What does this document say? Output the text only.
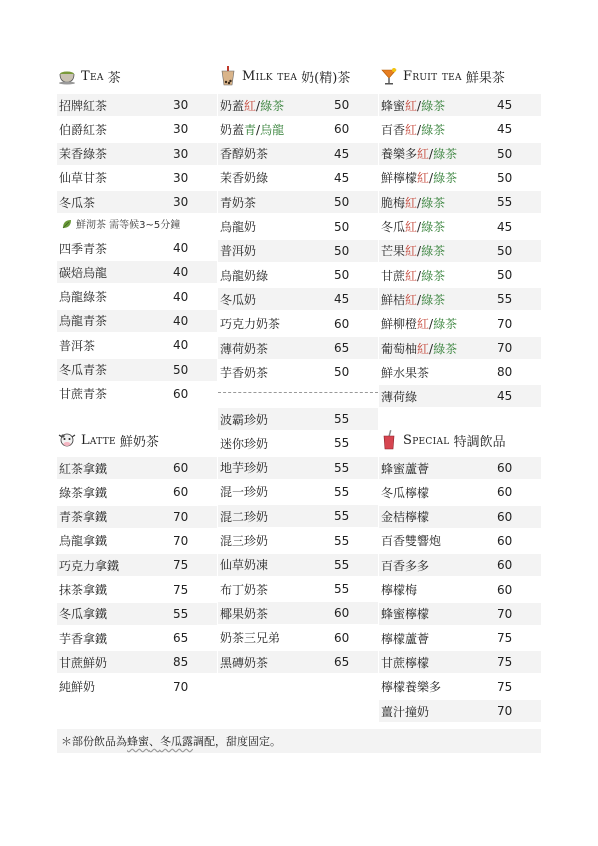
Tea 茶
鮮沏茶 需等候3~5分鐘
Latte 鮮奶茶
招牌紅茶	30
伯爵紅茶	30
茉香綠茶	30
仙草甘茶	30
冬瓜茶	30
四季青茶	40
碳焙烏龍	40
烏龍綠茶	40
烏龍青茶	40
普洱茶	40
冬瓜青茶	50
甘蔗青茶	60
紅茶拿鐵	60
綠茶拿鐵	60
青茶拿鐵	70
烏龍拿鐵	70
巧克力拿鐵	75
抹茶拿鐵	75
冬瓜拿鐵	55
芋香拿鐵	65
甘蔗鮮奶	85
純鮮奶	70
Milk tea 奶(精)茶
奶蓋紅/綠茶	50
奶蓋青/烏龍	60
香醇奶茶	45
茉香奶綠	45
青奶茶	50
烏龍奶	50
普洱奶	50
烏龍奶綠	50
冬瓜奶	45
巧克力奶茶	60
薄荷奶茶	65
芋香奶茶	50
波霸珍奶	55
迷你珍奶	55
地芋珍奶	55
混一珍奶	55
混二珍奶	55
混三珍奶	55
仙草奶凍	55
布丁奶茶	55
椰果奶茶	60
奶茶三兄弟	60
黑磚奶茶	65
Fruit tea 鮮果茶
Special 特調飲品
蜂蜜紅/綠茶	45
百香紅/綠茶	45
養樂多紅/綠茶	50
鮮檸檬紅/綠茶	50
脆梅紅/綠茶	55
冬瓜紅/綠茶	45
芒果紅/綠茶	50
甘蔗紅/綠茶	50
鮮桔紅/綠茶	55
鮮柳橙紅/綠茶	70
葡萄柚紅/綠茶	70
鮮水果茶	80
薄荷綠	45
蜂蜜蘆薈	60
冬瓜檸檬	60
金桔檸檬	60
百香雙響炮	60
百香多多	60
檸檬梅	60
蜂蜜檸檬	70
檸檬蘆薈	75
甘蔗檸檬	75
檸檬養樂多	75
薑汁撞奶	70
＊部份飲品為 蜂蜜 、 冬瓜露 調配，甜度固定。
